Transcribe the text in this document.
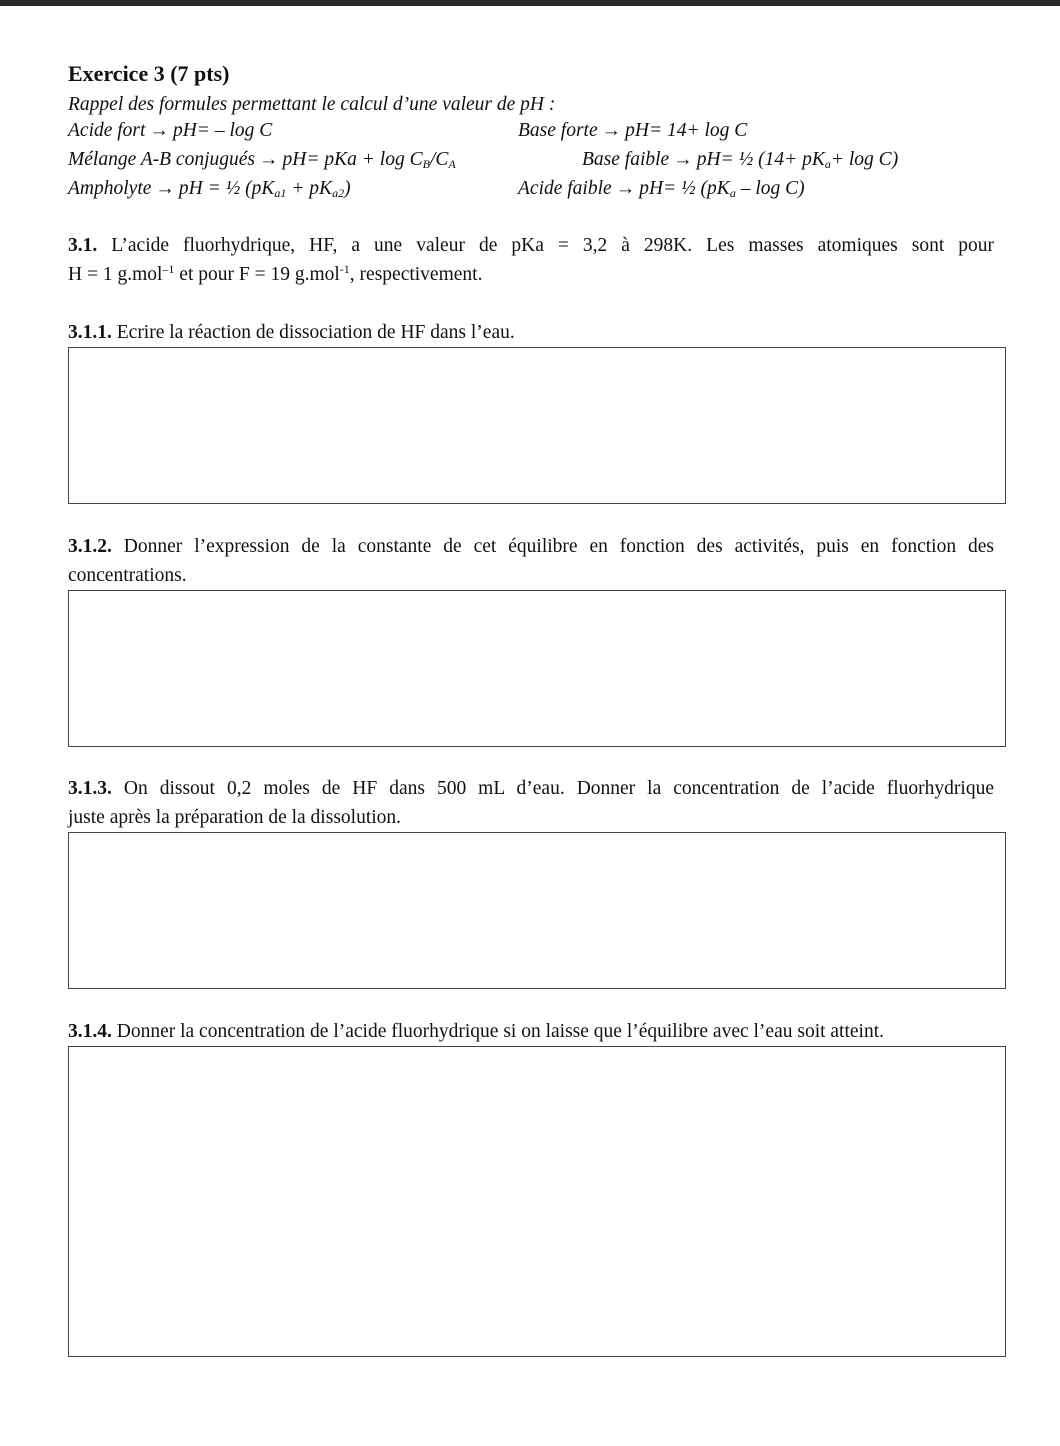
Exercice 3 (7 pts)
Rappel des formules permettant le calcul d’une valeur de pH :
Acide fort → pH= – log C	Base forte → pH= 14+ log C
Mélange A-B conjugués → pH= pKa + $\log C_B/C_A$	Base faible → pH= ½ $(14+ pK_a+ \log C)$
Ampholyte → pH = ½ $(pK_{a1} + pK_{a2})$	Acide faible → pH= ½ ($pK_a$ – log C)
3.1. L’acide fluorhydrique, HF, a une valeur de pKa = 3,2 à 298K. Les masses atomiques sont pour
H = 1 g.mol$^{-1}$ et pour F = 19 g.mol$^{-1}$, respectivement.
3.1.1. Ecrire la réaction de dissociation de HF dans l’eau.
3.1.2. Donner l’expression de la constante de cet équilibre en fonction des activités, puis en fonction des
concentrations.
3.1.3. On dissout 0,2 moles de HF dans 500 mL d’eau. Donner la concentration de l’acide fluorhydrique
juste après la préparation de la dissolution.
3.1.4. Donner la concentration de l’acide fluorhydrique si on laisse que l’équilibre avec l’eau soit atteint.
